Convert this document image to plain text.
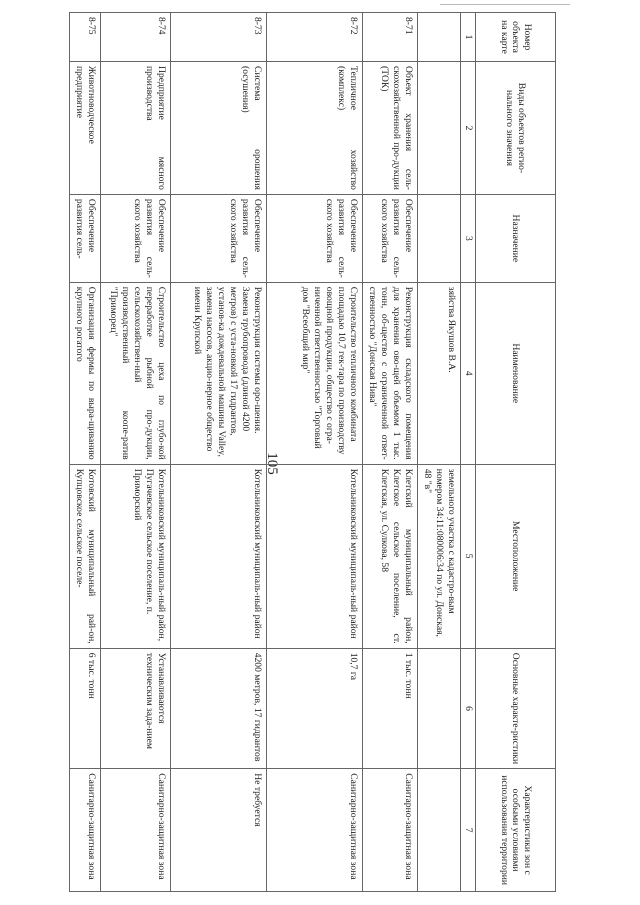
105
Номер объекта на карте	Виды объектов регио-нального значения	Назначение	Наименование	Местоположение	Основные характе-ристики	Характеристики зон с особыми условиями использования территории
1	2	3	4	5	6	7
			зяйства Якушов В.А.	земельного участка с кадастро-вым номером 34:11:080006:34 по ул. Донская, 48 "в"		
8-71	Объект хранения сель-скохозяйственной про-дукции (ТОК)	Обеспечение развития сель-ского хозяйства	Реконструкция складского помещения для хранения ово-щей объемом 1 тыс. тонн, об-щество с ограниченной ответ-ственностью "Донская Нива"	Клетский муниципальный район, Клетское сельское поселение, ст. Клетская, ул. Сулкова, 58	1 тыс. тонн	Санитарно-защитная зона
8-72	Тепличное хозяйство (комплекс)	Обеспечение развития сель-ского хозяйства	Строительство тепличного комбината площадью 10,7 гек-тара по производству овощной продукции, общество с огра-ниченной ответственностью "Торговый дом "Всеобщий мир"	Котельниковский муниципаль-ный район	10,7 га	Санитарно-защитная зона
8-73	Система орошения (осушения)	Обеспечение развития сель-ского хозяйства	Реконструкция системы оро-шения. Замена трубопровода (длиной 4200 метров) с уста-новкой 17 гидрантов, установ-ка дождевальной машины Valley, замена насосов, акцио-нерное общество имени Крупской	Котельниковский муниципаль-ный район	4200 метров, 17 гидрантов	Не требуется
8-74	Предприятие мясного производства	Обеспечение развития сель-ского хозяйства	Строительство цеха по глубо-кой переработке рыбной про-дукции, сельскохозяйствен-ный производственный коопе-ратив "Приморец"	Котельниковский муниципаль-ный район, Пугачевское сельское поселение, п. Приморский	Устанавливаются техническим зада-нием	Санитарно-защитная зона
8-75	Животноводческое предприятие	Обеспечение развития сель-	Организация фермы по выра-щиванию крупного рогатого	Котовский муниципальный рай-он, Купцовское сельское поселе-	6 тыс. тонн	Санитарно-защитная зона
